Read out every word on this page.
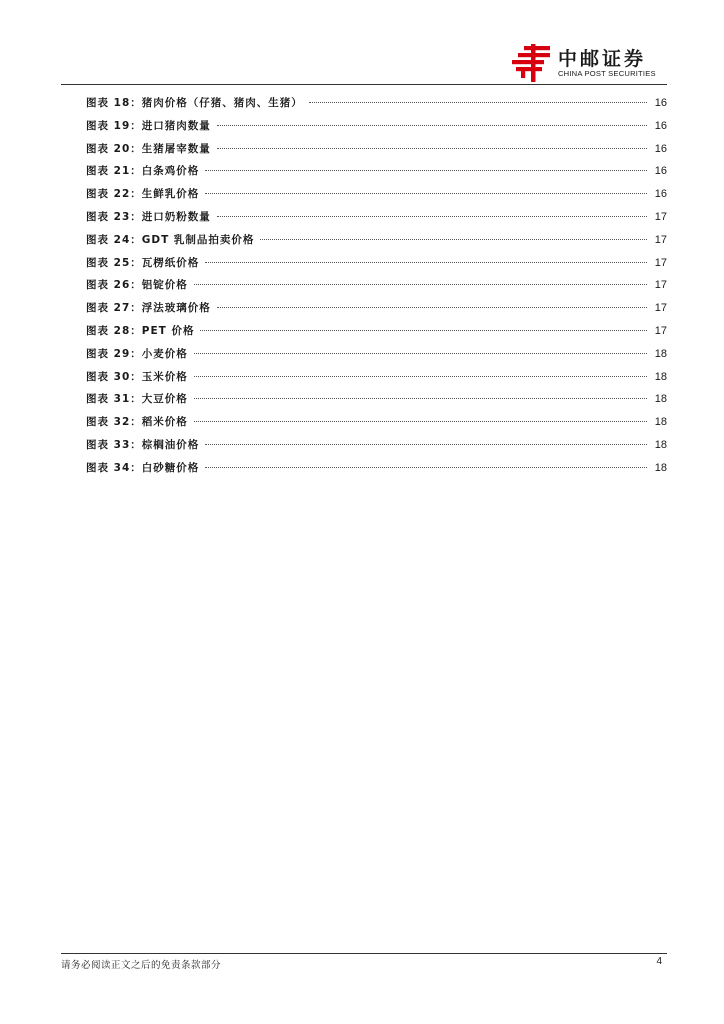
中邮证券
CHINA POST SECURITIES
图表 18：猪肉价格（仔猪、猪肉、生猪）	16
图表 19：进口猪肉数量	16
图表 20：生猪屠宰数量	16
图表 21：白条鸡价格	16
图表 22：生鲜乳价格	16
图表 23：进口奶粉数量	17
图表 24：GDT 乳制品拍卖价格	17
图表 25：瓦楞纸价格	17
图表 26：铝锭价格	17
图表 27：浮法玻璃价格	17
图表 28：PET 价格	17
图表 29：小麦价格	18
图表 30：玉米价格	18
图表 31：大豆价格	18
图表 32：稻米价格	18
图表 33：棕榈油价格	18
图表 34：白砂糖价格	18
请务必阅读正文之后的免责条款部分	4
